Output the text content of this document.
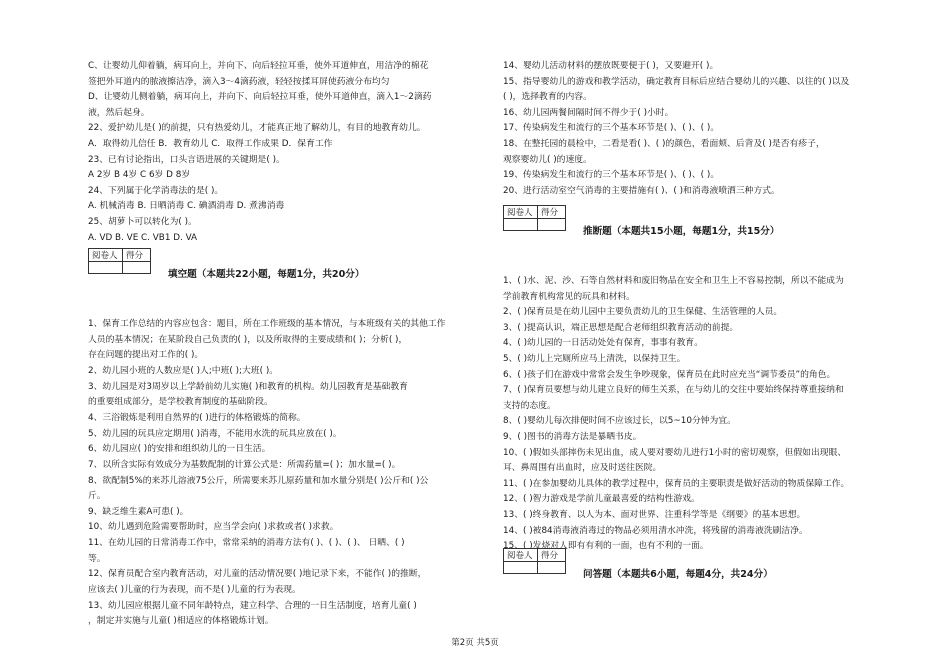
C、让婴幼儿仰着躺，病耳向上，并向下、向后轻拉耳垂，使外耳道伸直，用洁净的棉花
签把外耳道内的脓液擦洁净，滴入3～4滴药液，轻轻按揉耳屏使药液分布均匀
D、让婴幼儿侧着躺，病耳向上，并向下、向后轻拉耳垂，使外耳道伸直，滴入1～2滴药
液，然后起身。
22、爱护幼儿是( )的前提，只有热爱幼儿，才能真正地了解幼儿，有目的地教育幼儿。
A．取得幼儿信任 B．教育幼儿 C．取得工作成果 D．保育工作
23、已有讨论指出，口头言语进展的关键期是( )。
A 2岁 B 4岁 C 6岁 D 8岁
24、下列属于化学消毒法的是( )。
A. 机械消毒 B. 日晒消毒 C. 碘酒消毒 D. 煮沸消毒
25、胡萝卜可以转化为( )。
A. VD B. VE C. VB1 D. VA
阅卷人	得分

填空题（本题共22小题，每题1分，共20分）
1、保育工作总结的内容应包含：题目，所在工作班级的基本情况，与本班级有关的其他工作
人员的基本情况；在某阶段自己负责的( )，以及所取得的主要成绩和( )；分析( )，
存在问题的提出对工作的( )。
2、幼儿园小班的人数应是( )人;中班( );大班( )。
3、幼儿园是对3周岁以上学龄前幼儿实施( )和教育的机构。幼儿园教育是基础教育
的重要组成部分，是学校教育制度的基础阶段。
4、三浴锻炼是利用自然界的( )进行的体格锻炼的简称。
5、幼儿园的玩具应定期用( )消毒，不能用水洗的玩具应放在( )。
6、幼儿园应( )的安排和组织幼儿的一日生活。
7、以所含实际有效成分为基数配制的计算公式是：所需药量=( )；加水量=( )。
8、欲配制5%的来苏儿溶液75公斤，所需要来苏儿原药量和加水量分别是( )公斤和( )公
斤。
9、缺乏维生素A可患( )。
10、幼儿遇到危险需要帮助时，应当学会向( )求救或者( )求救。
11、在幼儿园的日常消毒工作中，常常采纳的消毒方法有( )、( )、( )、 日晒、( )
等。
12、保育员配合室内教育活动，对儿童的活动情况要( )地记录下来，不能作( )的推断，
应该去( )儿童的行为表现，而不是( )儿童的行为表现。
13、幼儿园应根据儿童不同年龄特点，建立科学、合理的一日生活制度，培育儿童( )
，制定并实施与儿童( )相适应的体格锻炼计划。
14、婴幼儿活动材料的摆放既要便于( )，又要避开( )。
15、指导婴幼儿的游戏和教学活动，确定教育目标后应结合婴幼儿的兴趣、以往的( )以及
( )，选择教育的内容。
16、幼儿园两餐间隔时间不得少于( )小时。
17、传染病发生和流行的三个基本环节是( )、( )、( )。
18、在整托园的晨检中，二看是看( )、( )的颜色，看面颊、后背及( )是否有疹子，
观察婴幼儿( )的速度。
19、传染病发生和流行的三个基本环节是( )、( )、( )。
20、进行活动室空气消毒的主要措施有( )、( )和消毒液喷洒三种方式。
阅卷人	得分

推断题（本题共15小题，每题1分，共15分）
1、( )水、泥、沙、石等自然材料和废旧物品在安全和卫生上不容易控制，所以不能成为
学前教育机构常见的玩具和材料。
2、( )保育员是在幼儿园中主要负责幼儿的卫生保健、生活管理的人员。
3、( )提高认识，端正思想是配合老师组织教育活动的前提。
4、( )幼儿园的一日活动处处有保育，事事有教育。
5、( )幼儿上完厕所应马上清洗，以保持卫生。
6、( )孩子们在游戏中常常会发生争吵现象，保育员在此时应充当“调节委员”的角色。
7、( )保育员要想与幼儿建立良好的师生关系，在与幼儿的交往中要始终保持尊重接纳和
支持的态度。
8、( )婴幼儿每次排便时间不应该过长，以5~10分钟为宜。
9、( )图书的消毒方法是暴晒书皮。
10、( )假如头部摔伤未见出血，成人要对婴幼儿进行1小时的密切观察，但假如出现眼、
耳、鼻周围有出血时，应及时送往医院。
11、( )在参加婴幼儿具体的教学过程中，保育员的主要职责是做好活动的物质保障工作。
12、( )智力游戏是学前儿童最喜爱的结构性游戏。
13、( )终身教育、以人为本、面对世界、注重科学等是《纲要》的基本思想。
14、( )被84消毒液消毒过的物品必须用清水冲洗，将残留的消毒液洗刷洁净。
15、( )发烧对人即有有利的一面，也有不利的一面。
阅卷人	得分

问答题（本题共6小题，每题4分，共24分）
第2页 共5页
